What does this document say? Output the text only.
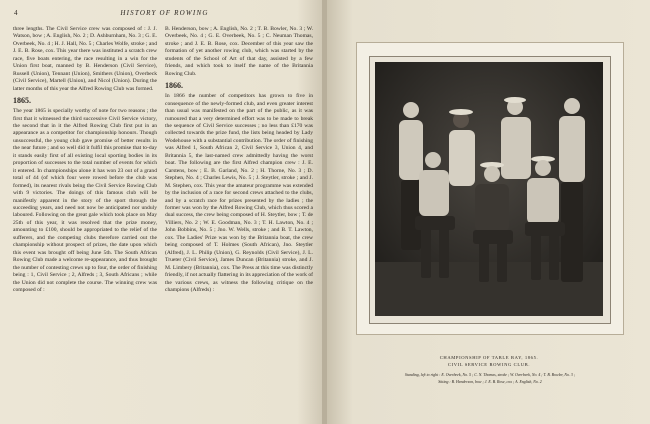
4	HISTORY OF ROWING

three lengths. The Civil Service crew was composed of : J. J. Watson, bow ; A. English, No. 2 ; D. Ashburnham, No. 3 ; G. E. Overbeek, No. 4 ; H. J. Hall, No. 5 ; Charles Wolfe, stroke ; and J. E. B. Rose, cox. This year there was instituted a scratch crew race, five boats entering, the race resulting in a win for the Union first boat, manned by B. Henderson (Civil Service), Russell (Union), Tennant (Union), Smithers (Union), Overbeck (Civil Service), Martell (Union), and Nicol (Union). During the latter months of this year the Alfred Rowing Club was formed.

1865.

The year 1865 is specially worthy of note for two reasons ; the first that it witnessed the third successive Civil Service victory, the second that in it the Alfred Rowing Club first put in an appearance as a competitor for championship honours. Though unsuccessful, the young club gave promise of better results in the near future ; and so well did it fulfil this promise that to-day it stands easily first of all existing local sporting bodies in its proportion of successes to the total number of events for which it entered. In championships alone it has won 23 out of a grand total of 44 (of which four were rowed before the club was formed), its nearest rivals being the Civil Service Rowing Club with 9 victories. The doings of this famous club will be manifestly apparent in the story of the sport through the succeeding years, and need not now be anticipated nor unduly laboured. Following on the great gale which took place on May 25th of this year, it was resolved that the prize money, amounting to £100, should be appropriated to the relief of the sufferers, and the competing clubs therefore carried out the championship without prospect of prizes, the date upon which this event was brought off being June 5th. The South African Rowing Club made a welcome re-appearance, and thus brought the number of contesting crews up to four, the order of finishing being : 1, Civil Service ; 2, Alfreds ; 3, South Africans ; while the Union did not complete the course. The winning crew was composed of :

B. Henderson, bow ; A. English, No. 2 ; T. B. Bowler, No. 3 ; W. Overbeek, No. 4 ; G. E. Overbeek, No. 5 ; C. Neuman Thomas, stroke ; and J. E. B. Rose, cox. December of this year saw the formation of yet another rowing club, which was started by the students of the School of Art of that day, assisted by a few friends, and which took to itself the name of the Britannia Rowing Club.

1866.

In 1866 the number of competitors has grown to five in consequence of the newly-formed club, and even greater interest than usual was manifested on the part of the public, as it was rumoured that a very determined effort was to be made to break the sequence of Civil Service successes ; no less than £170 was collected towards the prize fund, the lists being headed by Lady Wodehouse with a substantial contribution. The order of finishing was Alfred 1, South African 2, Civil Service 3, Union 4, and Britannia 5, the last-named crew admittedly having the worst boat. The following are the first Alfred champion crew : J. E. Carstens, bow ; E. B. Garland, No. 2 ; H. Thorne, No. 3 ; D. Stephen, No. 4 ; Charles Lewis, No. 5 ; J. Steytler, stroke ; and J. M. Stephen, cox. This year the amateur programme was extended by the inclusion of a race for second crews attached to the clubs, and by a scratch race for prizes presented by the ladies ; the former was won by the Alfred Rowing Club, which thus scored a dual success, the crew being composed of H. Steytler, bow ; T. de Villiers, No. 2 ; W. E. Goodman, No. 3 ; T. H. Lawton, No. 4 ; John Bobbins, No. 5 ; Jno. W. Wells, stroke ; and B. T. Lawton, cox. The Ladies' Prize was won by the Britannia boat, the crew being composed of T. Holmes (South African), Jno. Steytler (Alfred), J. L. Philip (Union), G. Reynolds (Civil Service), J. L. Trueter (Civil Service), James Duncan (Britannia) stroke, and J. M. Limbery (Britannia), cox. The Press at this time was distinctly friendly, if not actually flattering in its appreciation of the work of the various crews, as witness the following critique on the champions (Alfreds) :

CHAMPIONSHIP OF TABLE BAY, 1865.
CIVIL SERVICE ROWING CLUB.
Standing, left to right : E. Overbeek, No. 5 ; C. N. Thomas, stroke ; W. Overbeek, No. 4 ; T. B. Bowler, No. 3 ;
Sitting : B. Henderson, bow ; J. E. B. Rose, cox ; A. English, No. 2
